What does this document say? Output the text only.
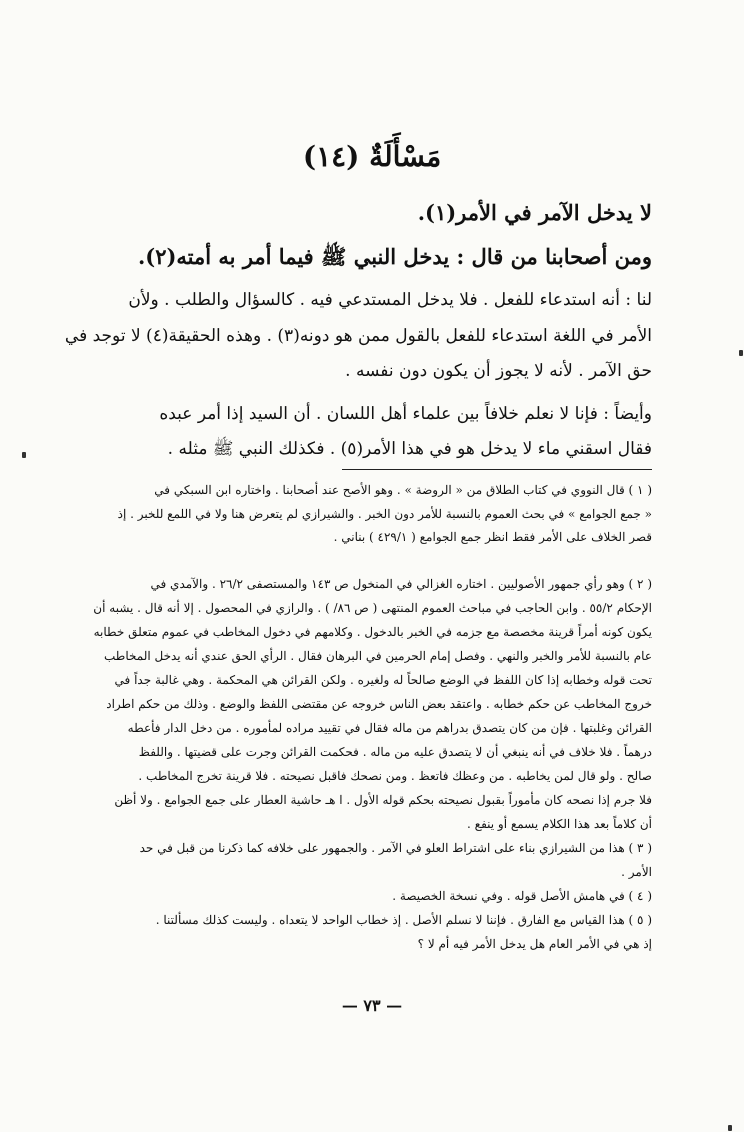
مَسْأَلَةٌ (١٤)
لا يدخل الآمر في الأمر(١).
ومن أصحابنا من قال : يدخل النبي ﷺ فيما أمر به أمته(٢).
لنا : أنه استدعاء للفعل . فلا يدخل المستدعي فيه . كالسؤال والطلب . ولأن
الأمر في اللغة استدعاء للفعل بالقول ممن هو دونه(٣) . وهذه الحقيقة(٤) لا توجد في
حق الآمر . لأنه لا يجوز أن يكون دون نفسه .
وأيضاً : فإنا لا نعلم خلافاً بين علماء أهل اللسان . أن السيد إذا أمر عبده
فقال اسقني ماء لا يدخل هو في هذا الأمر(٥) . فكذلك النبي ﷺ مثله .
( ١ ) قال النووي في كتاب الطلاق من « الروضة » . وهو الأصح عند أصحابنا . واختاره ابن السبكي في
« جمع الجوامع » في بحث العموم بالنسبة للأمر دون الخبر . والشيرازي لم يتعرض هنا ولا في اللمع للخبر . إذ
قصر الخلاف على الأمر فقط انظر جمع الجوامع ( ٤٢٩/١ ) بناني .
( ٢ ) وهو رأي جمهور الأصوليين . اختاره الغزالي في المنخول ص ١٤٣ والمستصفى ٢٦/٢ . والآمدي في
الإحكام ٥٥/٢ . وابن الحاجب في مباحث العموم المنتهى ( ص ٨٦/ ) . والرازي في المحصول . إلا أنه قال . يشبه أن
يكون كونه أمراً قرينة مخصصة مع جزمه في الخبر بالدخول . وكلامهم في دخول المخاطب في عموم متعلق خطابه
عام بالنسبة للأمر والخبر والنهي . وفصل إمام الحرمين في البرهان فقال . الرأي الحق عندي أنه يدخل المخاطب
تحت قوله وخطابه إذا كان اللفظ في الوضع صالحاً له ولغيره . ولكن القرائن هي المحكمة . وهي غالبة جداً في
خروج المخاطب عن حكم خطابه . واعتقد بعض الناس خروجه عن مقتضى اللفظ والوضع . وذلك من حكم اطراد
القرائن وغلبتها . فإن من كان يتصدق بدراهم من ماله فقال في تقييد مراده لمأموره . من دخل الدار فأعطه
درهماً . فلا خلاف في أنه ينبغي أن لا يتصدق عليه من ماله . فحكمت القرائن وجرت على قضيتها . واللفظ
صالح . ولو قال لمن يخاطبه . من وعظك فاتعظ . ومن نصحك فاقبل نصيحته . فلا قرينة تخرج المخاطب .
فلا جرم إذا نصحه كان مأموراً بقبول نصيحته بحكم قوله الأول . ا هـ حاشية العطار على جمع الجوامع . ولا أظن
أن كلاماً بعد هذا الكلام يسمع أو ينفع .
( ٣ ) هذا من الشيرازي بناء على اشتراط العلو في الآمر . والجمهور على خلافه كما ذكرنا من قبل في حد
الأمر .
( ٤ ) في هامش الأصل قوله . وفي نسخة الخصيصة .
( ٥ ) هذا القياس مع الفارق . فإننا لا نسلم الأصل . إذ خطاب الواحد لا يتعداه . وليست كذلك مسألتنا .
إذ هي في الأمر العام هل يدخل الأمر فيه أم لا ؟
— ٧٣ —
